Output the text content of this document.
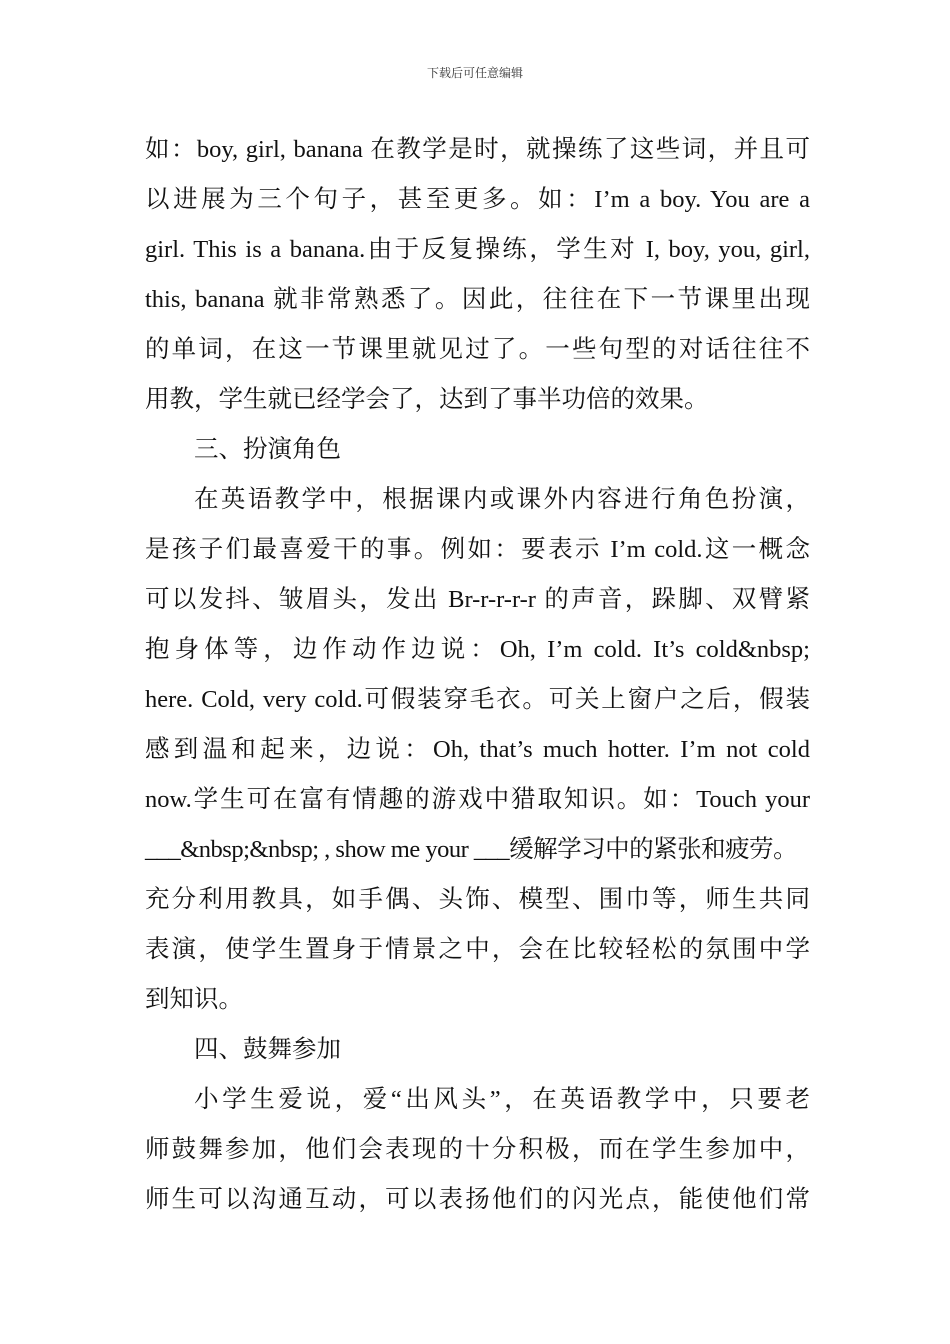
下载后可任意编辑
如：boy, girl, banana 在教学是时，就操练了这些词，并且可
以进展为三个句子，甚至更多。如：I’m a boy. You are a
girl. This is a banana.由于反复操练，学生对 I, boy, you, girl,
this, banana 就非常熟悉了。因此，往往在下一节课里出现
的单词，在这一节课里就见过了。一些句型的对话往往不
用教，学生就已经学会了，达到了事半功倍的效果。
三、扮演角色
在英语教学中，根据课内或课外内容进行角色扮演，
是孩子们最喜爱干的事。例如：要表示 I’m cold.这一概念
可以发抖、皱眉头，发出 Br-r-r-r-r 的声音，跺脚、双臂紧
抱身体等，边作动作边说：Oh, I’m cold. It’s cold&nbsp;
here. Cold, very cold.可假装穿毛衣。可关上窗户之后，假装
感到温和起来，边说：Oh, that’s much hotter. I’m not cold
now.学生可在富有情趣的游戏中猎取知识。如：Touch your
___&nbsp;&nbsp; , show me your ___缓解学习中的紧张和疲劳。
充分利用教具，如手偶、头饰、模型、围巾等，师生共同
表演，使学生置身于情景之中，会在比较轻松的氛围中学
到知识。
四、鼓舞参加
小学生爱说，爱“出风头”，在英语教学中，只要老
师鼓舞参加，他们会表现的十分积极，而在学生参加中，
师生可以沟通互动，可以表扬他们的闪光点，能使他们常
